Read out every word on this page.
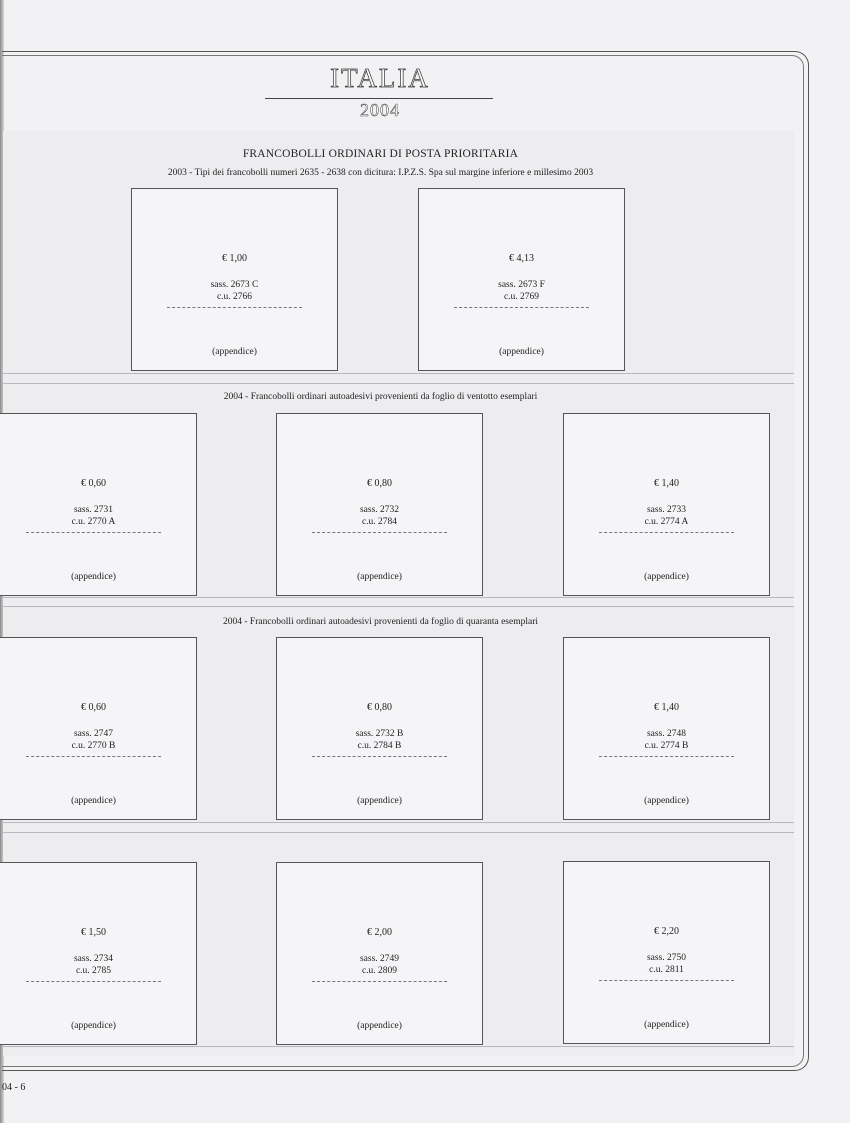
ITALIA
2004
FRANCOBOLLI ORDINARI DI POSTA PRIORITARIA
2003 - Tipi dei francobolli numeri 2635 - 2638 con dicitura: I.P.Z.S. Spa sul margine inferiore e millesimo 2003
€ 1,00
sass. 2673 C
c.u. 2766
(appendice)
€ 4,13
sass. 2673 F
c.u. 2769
(appendice)
2004 - Francobolli ordinari autoadesivi provenienti da foglio di ventotto esemplari
€ 0,60
sass. 2731
c.u. 2770 A
(appendice)
€ 0,80
sass. 2732
c.u. 2784
(appendice)
€ 1,40
sass. 2733
c.u. 2774 A
(appendice)
2004 - Francobolli ordinari autoadesivi provenienti da foglio di quaranta esemplari
€ 0,60
sass. 2747
c.u. 2770 B
(appendice)
€ 0,80
sass. 2732 B
c.u. 2784 B
(appendice)
€ 1,40
sass. 2748
c.u. 2774 B
(appendice)
€ 1,50
sass. 2734
c.u. 2785
(appendice)
€ 2,00
sass. 2749
c.u. 2809
(appendice)
€ 2,20
sass. 2750
c.u. 2811
(appendice)
04 - 6
